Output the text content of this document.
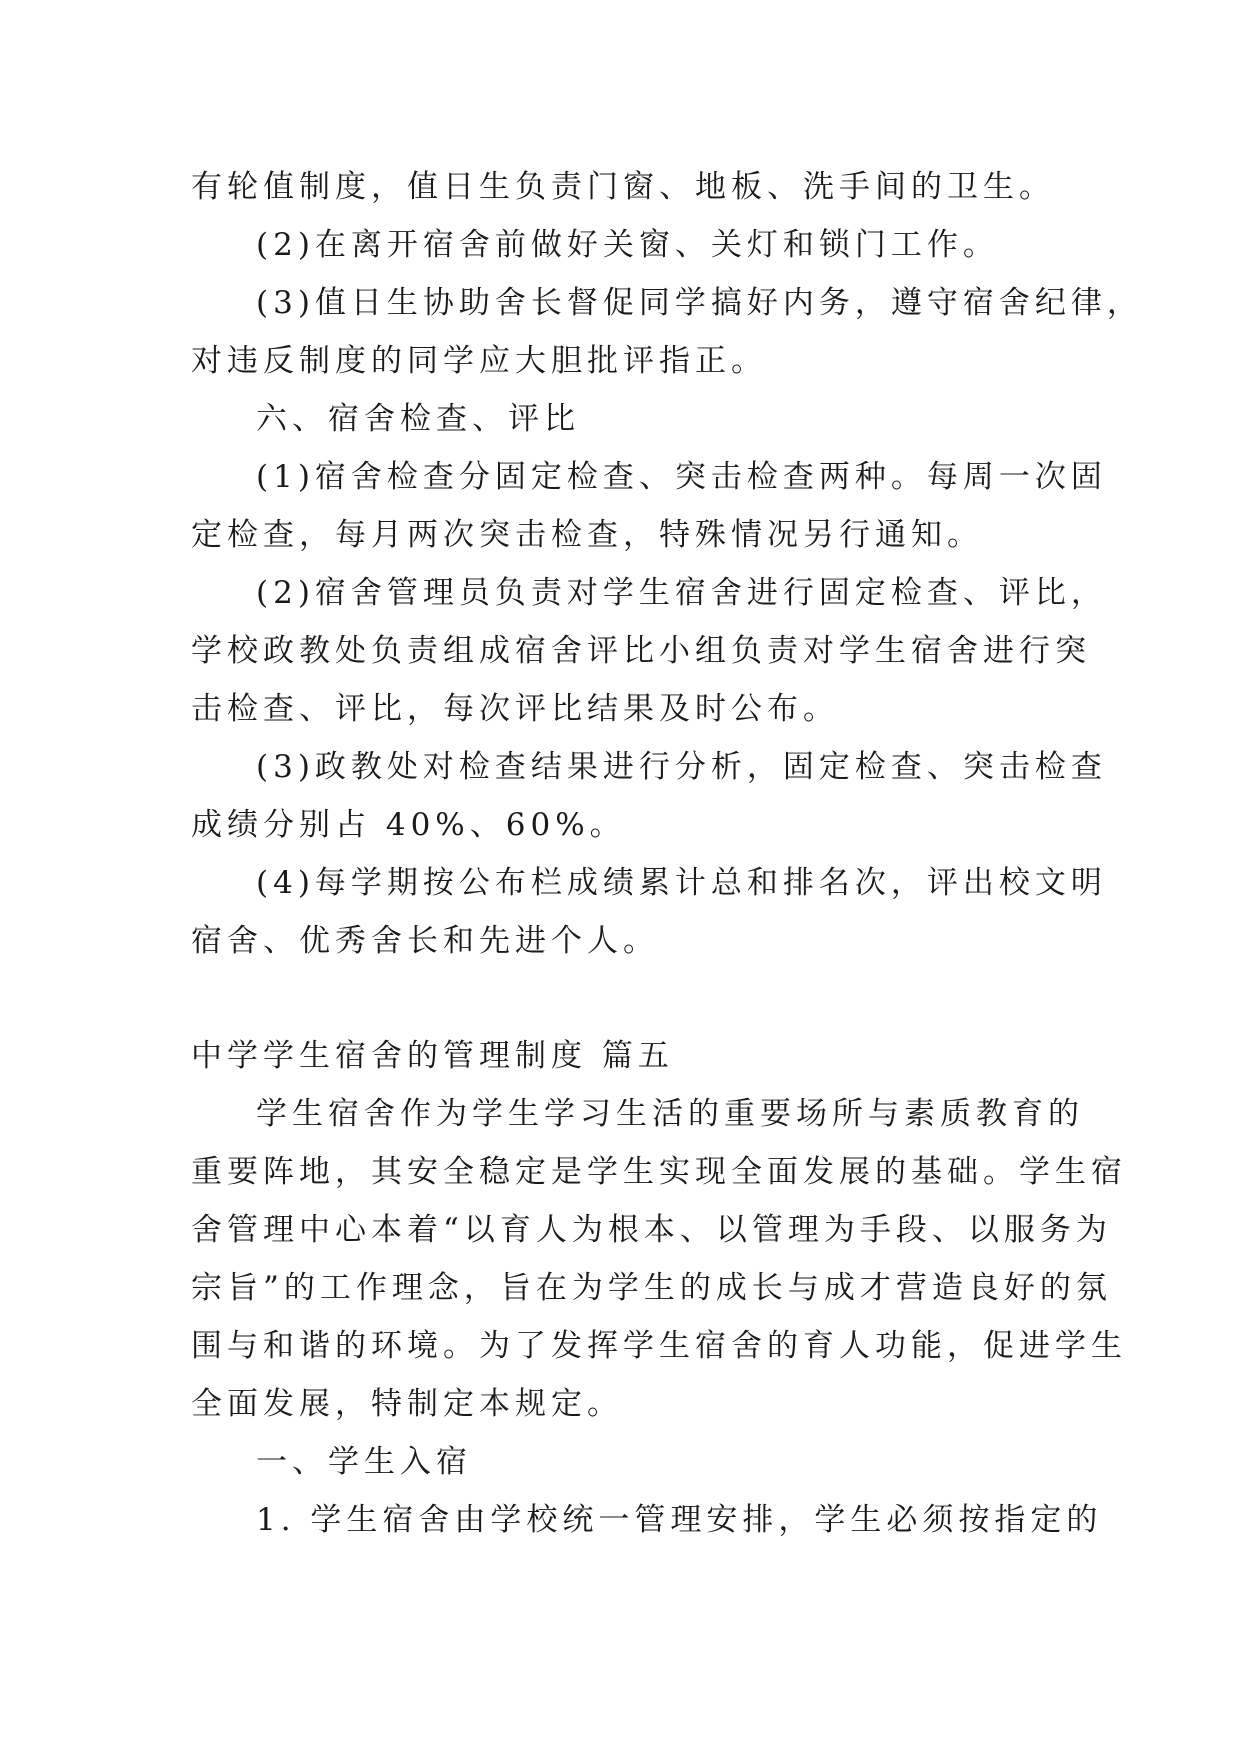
有轮值制度，值日生负责门窗、地板、洗手间的卫生。
(2)在离开宿舍前做好关窗、关灯和锁门工作。
(3)值日生协助舍长督促同学搞好内务，遵守宿舍纪律，
对违反制度的同学应大胆批评指正。
六、宿舍检查、评比
(1)宿舍检查分固定检查、突击检查两种。每周一次固
定检查，每月两次突击检查，特殊情况另行通知。
(2)宿舍管理员负责对学生宿舍进行固定检查、评比，
学校政教处负责组成宿舍评比小组负责对学生宿舍进行突
击检查、评比，每次评比结果及时公布。
(3)政教处对检查结果进行分析，固定检查、突击检查
成绩分别占 40%、60%。
(4)每学期按公布栏成绩累计总和排名次，评出校文明
宿舍、优秀舍长和先进个人。
中学学生宿舍的管理制度 篇五
学生宿舍作为学生学习生活的重要场所与素质教育的
重要阵地，其安全稳定是学生实现全面发展的基础。学生宿
舍管理中心本着“以育人为根本、以管理为手段、以服务为
宗旨”的工作理念，旨在为学生的成长与成才营造良好的氛
围与和谐的环境。为了发挥学生宿舍的育人功能，促进学生
全面发展，特制定本规定。
一、学生入宿
1. 学生宿舍由学校统一管理安排，学生必须按指定的
